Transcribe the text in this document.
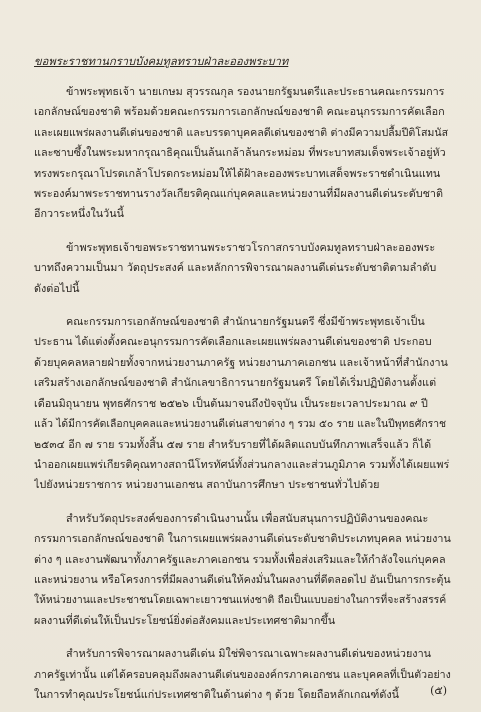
ขอพระราชทานกราบบังคมทูลทราบฝ่าละอองพระบาท
ข้าพระพุทธเจ้า นายเกษม สุวรรณกุล รองนายกรัฐมนตรีและประธานคณะกรรมการ
เอกลักษณ์ของชาติ พร้อมด้วยคณะกรรมการเอกลักษณ์ของชาติ คณะอนุกรรมการคัดเลือก
และเผยแพร่ผลงานดีเด่นของชาติ และบรรดาบุคคลดีเด่นของชาติ ต่างมีความปลื้มปีติโสมนัส
และซาบซึ้งในพระมหากรุณาธิคุณเป็นล้นเกล้าล้นกระหม่อม ที่พระบาทสมเด็จพระเจ้าอยู่หัว
ทรงพระกรุณาโปรดเกล้าโปรดกระหม่อมให้ได้ฝ้าละอองพระบาทเสด็จพระราชดำเนินแทน
พระองค์มาพระราชทานรางวัลเกียรติคุณแก่บุคคลและหน่วยงานที่มีผลงานดีเด่นระดับชาติ
อีกวาระหนึ่งในวันนี้
ข้าพระพุทธเจ้าขอพระราชทานพระราชวโรกาสกราบบังคมทูลทราบฝ่าละอองพระ
บาทถึงความเป็นมา วัตถุประสงค์ และหลักการพิจารณาผลงานดีเด่นระดับชาติตามลำดับ
ดังต่อไปนี้
คณะกรรมการเอกลักษณ์ของชาติ สำนักนายกรัฐมนตรี ซึ่งมีข้าพระพุทธเจ้าเป็น
ประธาน ได้แต่งตั้งคณะอนุกรรมการคัดเลือกและเผยแพร่ผลงานดีเด่นของชาติ ประกอบ
ด้วยบุคคลหลายฝ่ายทั้งจากหน่วยงานภาครัฐ หน่วยงานภาคเอกชน และเจ้าหน้าที่สำนักงาน
เสริมสร้างเอกลักษณ์ของชาติ สำนักเลขาธิการนายกรัฐมนตรี โดยได้เริ่มปฏิบัติงานตั้งแต่
เดือนมิถุนายน พุทธศักราช ๒๕๒๖ เป็นต้นมาจนถึงปัจจุบัน เป็นระยะเวลาประมาณ ๙ ปี
แล้ว ได้มีการคัดเลือกบุคคลและหน่วยงานดีเด่นสาขาต่าง ๆ รวม ๕๐ ราย และในปีพุทธศักราช
๒๕๓๔ อีก ๗ ราย รวมทั้งสิ้น ๕๗ ราย สำหรับรายที่ได้ผลิตแถบบันทึกภาพเสร็จแล้ว ก็ได้
นำออกเผยแพร่เกียรติคุณทางสถานีโทรทัศน์ทั้งส่วนกลางและส่วนภูมิภาค รวมทั้งได้เผยแพร่
ไปยังหน่วยราชการ หน่วยงานเอกชน สถาบันการศึกษา ประชาชนทั่วไปด้วย
สำหรับวัตถุประสงค์ของการดำเนินงานนั้น เพื่อสนับสนุนการปฏิบัติงานของคณะ
กรรมการเอกลักษณ์ของชาติ ในการเผยแพร่ผลงานดีเด่นระดับชาติประเภทบุคคล หน่วยงาน
ต่าง ๆ และงานพัฒนาทั้งภาครัฐและภาคเอกชน รวมทั้งเพื่อส่งเสริมและให้กำลังใจแก่บุคคล
และหน่วยงาน หรือโครงการที่มีผลงานดีเด่นให้คงมั่นในผลงานที่ดีตลอดไป อันเป็นการกระตุ้น
ให้หน่วยงานและประชาชนโดยเฉพาะเยาวชนแห่งชาติ ถือเป็นแบบอย่างในการที่จะสร้างสรรค์
ผลงานที่ดีเด่นให้เป็นประโยชน์ยิ่งต่อสังคมและประเทศชาติมากขึ้น
สำหรับการพิจารณาผลงานดีเด่น มิใช่พิจารณาเฉพาะผลงานดีเด่นของหน่วยงาน
ภาครัฐเท่านั้น แต่ได้ครอบคลุมถึงผลงานดีเด่นขององค์กรภาคเอกชน และบุคคลที่เป็นตัวอย่าง
ในการทำคุณประโยชน์แก่ประเทศชาติในด้านต่าง ๆ ด้วย โดยถือหลักเกณฑ์ดังนี้	(๕)
